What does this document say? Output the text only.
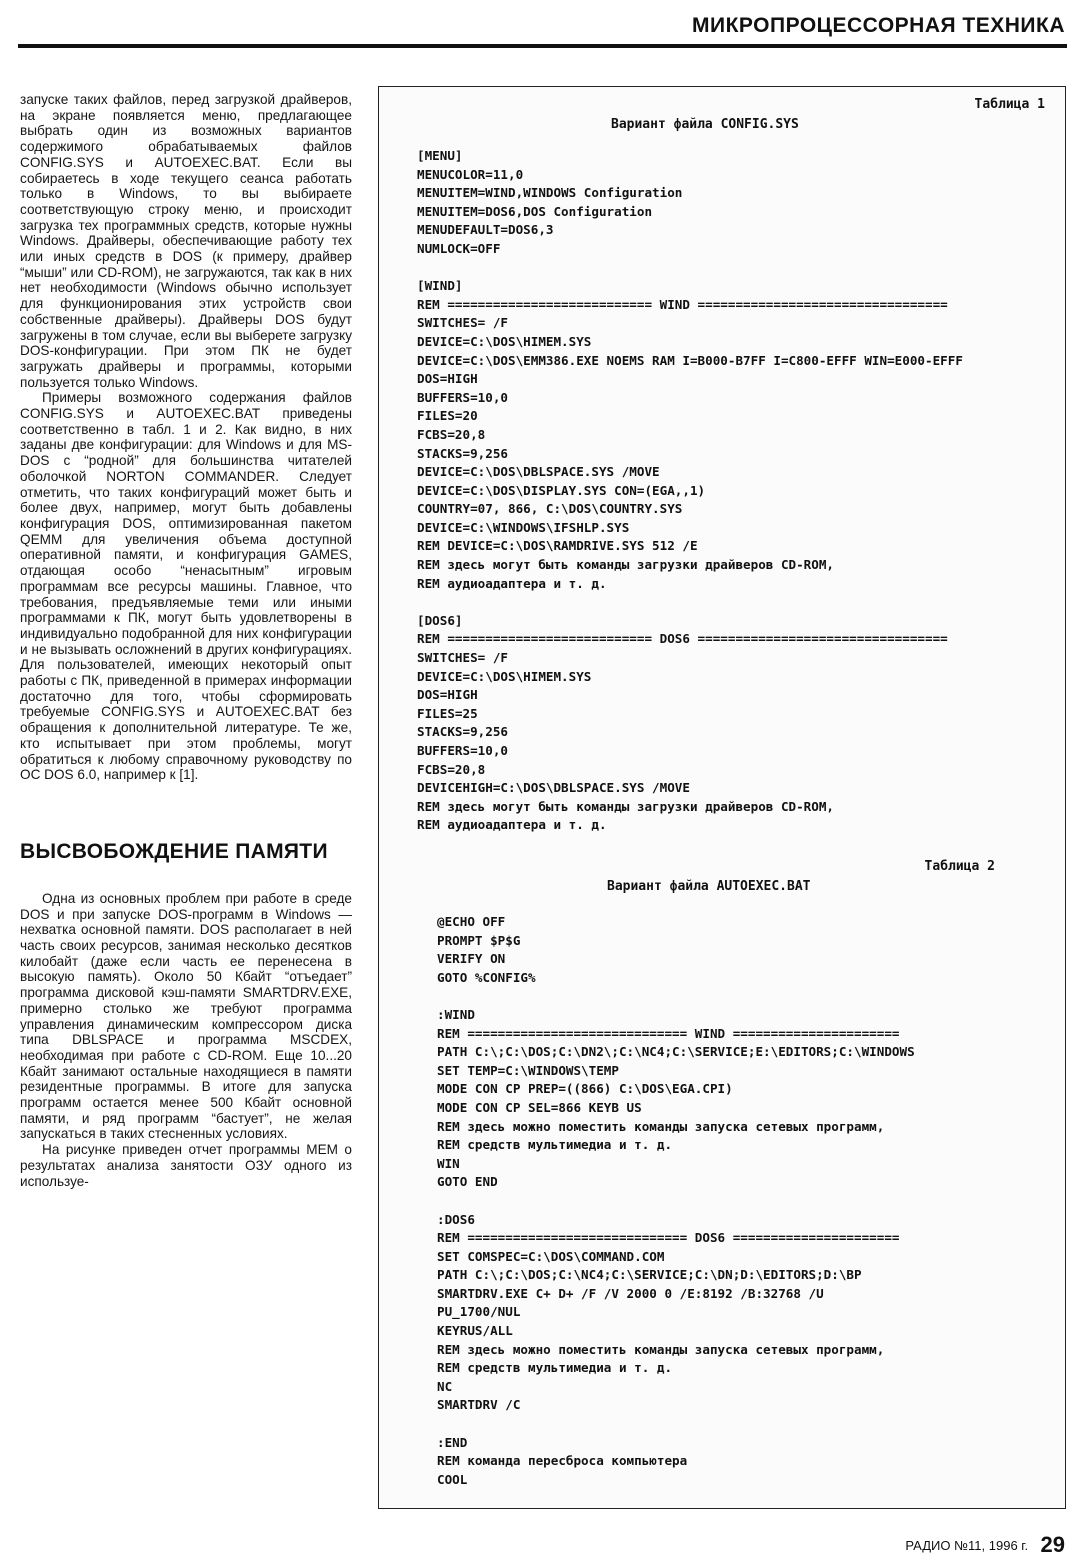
МИКРОПРОЦЕССОРНАЯ ТЕХНИКА

запуске таких файлов, перед загрузкой драйверов, на экране появляется меню, предлагающее выбрать один из возможных вариантов содержимого обрабатываемых файлов CONFIG.SYS и AUTOEXEC.BAT. Если вы собираетесь в ходе текущего сеанса работать только в Windows, то вы выбираете соответствующую строку меню, и происходит загрузка тех программных средств, которые нужны Windows. Драйверы, обеспечивающие работу тех или иных средств в DOS (к примеру, драйвер “мыши” или CD-ROM), не загружаются, так как в них нет необходимости (Windows обычно использует для функционирования этих устройств свои собственные драйверы). Драйверы DOS будут загружены в том случае, если вы выберете загрузку DOS-конфигурации. При этом ПК не будет загружать драйверы и программы, которыми пользуется только Windows.

Примеры возможного содержания файлов CONFIG.SYS и AUTOEXEC.BAT приведены соответственно в табл. 1 и 2. Как видно, в них заданы две конфигурации: для Windows и для MS-DOS с “родной” для большинства читателей оболочкой NORTON COMMANDER. Следует отметить, что таких конфигураций может быть и более двух, например, могут быть добавлены конфигурация DOS, оптимизированная пакетом QEMM для увеличения объема доступной оперативной памяти, и конфигурация GAMES, отдающая особо “ненасытным” игровым программам все ресурсы машины. Главное, что требования, предъявляемые теми или иными программами к ПК, могут быть удовлетворены в индивидуально подобранной для них конфигурации и не вызывать осложнений в других конфигурациях. Для пользователей, имеющих некоторый опыт работы с ПК, приведенной в примерах информации достаточно для того, чтобы сформировать требуемые CONFIG.SYS и AUTOEXEC.BAT без обращения к дополнительной литературе. Те же, кто испытывает при этом проблемы, могут обратиться к любому справочному руководству по ОС DOS 6.0, например к [1].

ВЫСВОБОЖДЕНИЕ ПАМЯТИ

Одна из основных проблем при работе в среде DOS и при запуске DOS-программ в Windows — нехватка основной памяти. DOS располагает в ней часть своих ресурсов, занимая несколько десятков килобайт (даже если часть ее перенесена в высокую память). Около 50 Кбайт “отъедает” программа дисковой кэш-памяти SMARTDRV.EXE, примерно столько же требуют программа управления динамическим компрессором диска типа DBLSPACE и программа MSCDEX, необходимая при работе с CD-ROM. Еще 10...20 Кбайт занимают остальные находящиеся в памяти резидентные программы. В итоге для запуска программ остается менее 500 Кбайт основной памяти, и ряд программ “бастует”, не желая запускаться в таких стесненных условиях.

На рисунке приведен отчет программы MEM о результатах анализа занятости ОЗУ одного из используе-

Таблица 1
Вариант файла CONFIG.SYS
[MENU]
MENUCOLOR=11,0
MENUITEM=WIND,WINDOWS Configuration
MENUITEM=DOS6,DOS Configuration
MENUDEFAULT=DOS6,3
NUMLOCK=OFF

[WIND]
REM =========================== WIND =================================
SWITCHES= /F
DEVICE=C:\DOS\HIMEM.SYS
DEVICE=C:\DOS\EMM386.EXE NOEMS RAM I=B000-B7FF I=C800-EFFF WIN=E000-EFFF
DOS=HIGH
BUFFERS=10,0
FILES=20
FCBS=20,8
STACKS=9,256
DEVICE=C:\DOS\DBLSPACE.SYS /MOVE
DEVICE=C:\DOS\DISPLAY.SYS CON=(EGA,,1)
COUNTRY=07, 866, C:\DOS\COUNTRY.SYS
DEVICE=C:\WINDOWS\IFSHLP.SYS
REM DEVICE=C:\DOS\RAMDRIVE.SYS 512 /E
REM здесь могут быть команды загрузки драйверов CD-ROM,
REM аудиоадаптера и т. д.

[DOS6]
REM =========================== DOS6 =================================
SWITCHES= /F
DEVICE=C:\DOS\HIMEM.SYS
DOS=HIGH
FILES=25
STACKS=9,256
BUFFERS=10,0
FCBS=20,8
DEVICEHIGH=C:\DOS\DBLSPACE.SYS /MOVE
REM здесь могут быть команды загрузки драйверов CD-ROM,
REM аудиоадаптера и т. д.
Таблица 2
Вариант файла AUTOEXEC.BAT
@ECHO OFF
PROMPT $P$G
VERIFY ON
GOTO %CONFIG%

:WIND
REM ============================= WIND ======================
PATH C:\;C:\DOS;C:\DN2\;C:\NC4;C:\SERVICE;E:\EDITORS;C:\WINDOWS
SET TEMP=C:\WINDOWS\TEMP
MODE CON CP PREP=((866) C:\DOS\EGA.CPI)
MODE CON CP SEL=866 KEYB US
REM здесь можно поместить команды запуска сетевых программ,
REM средств мультимедиа и т. д.
WIN
GOTO END

:DOS6
REM ============================= DOS6 ======================
SET COMSPEC=C:\DOS\COMMAND.COM
PATH C:\;C:\DOS;C:\NC4;C:\SERVICE;C:\DN;D:\EDITORS;D:\BP
SMARTDRV.EXE C+ D+ /F /V 2000 0 /E:8192 /B:32768 /U
PU_1700/NUL
KEYRUS/ALL
REM здесь можно поместить команды запуска сетевых программ,
REM средств мультимедиа и т. д.
NC
SMARTDRV /C

:END
REM команда пересброса компьютера
COOL
РАДИО №11, 1996 г. 29
